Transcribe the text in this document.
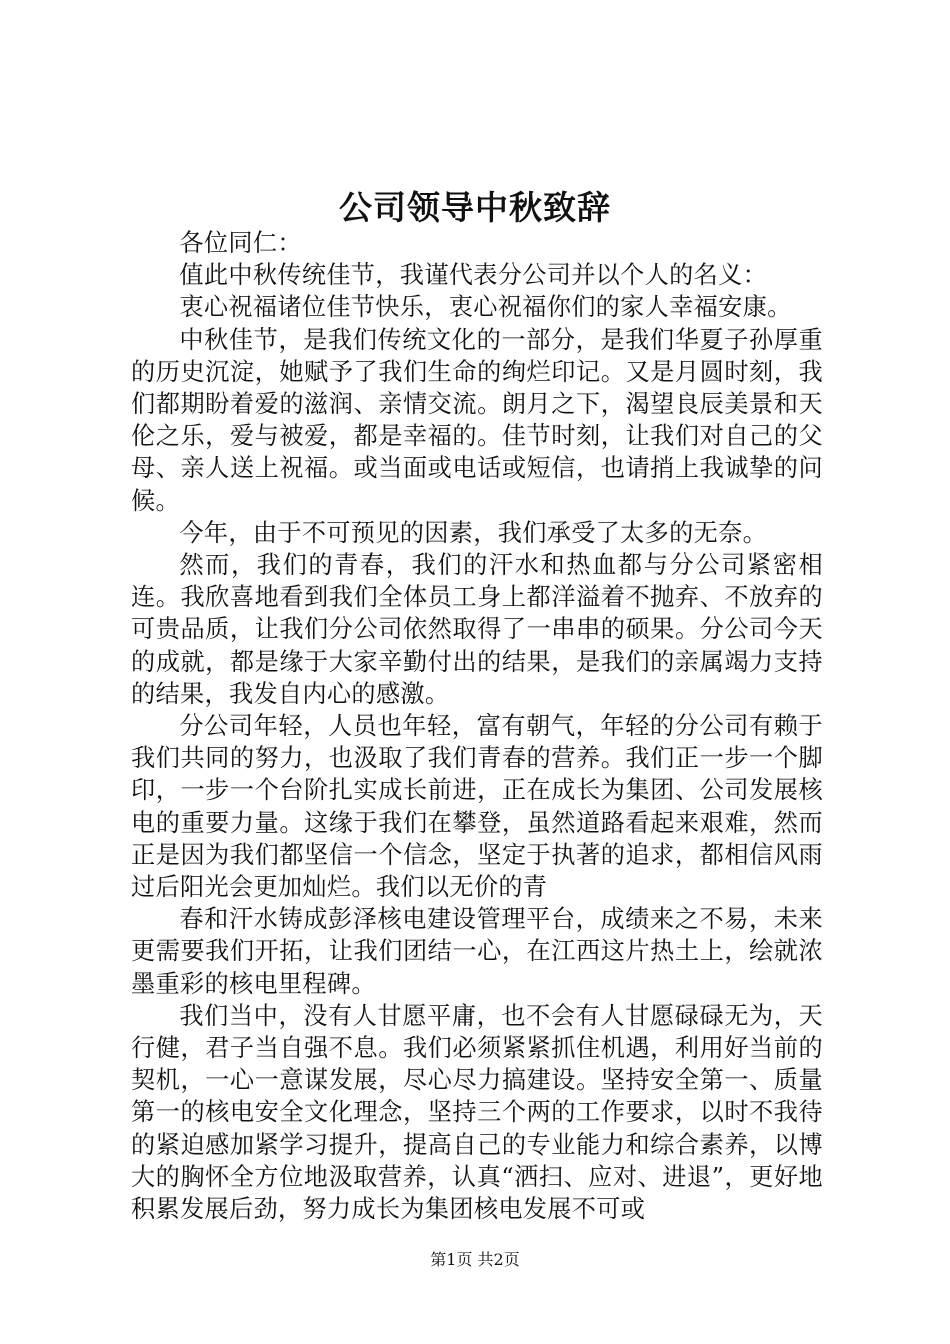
公司领导中秋致辞

各位同仁：

值此中秋传统佳节，我谨代表分公司并以个人的名义：

衷心祝福诸位佳节快乐，衷心祝福你们的家人幸福安康。

中秋佳节，是我们传统文化的一部分，是我们华夏子孙厚重的历史沉淀，她赋予了我们生命的绚烂印记。又是月圆时刻，我们都期盼着爱的滋润、亲情交流。朗月之下，渴望良辰美景和天伦之乐，爱与被爱，都是幸福的。佳节时刻，让我们对自己的父母、亲人送上祝福。或当面或电话或短信，也请捎上我诚挚的问候。

今年，由于不可预见的因素，我们承受了太多的无奈。

然而，我们的青春，我们的汗水和热血都与分公司紧密相连。我欣喜地看到我们全体员工身上都洋溢着不抛弃、不放弃的可贵品质，让我们分公司依然取得了一串串的硕果。分公司今天的成就，都是缘于大家辛勤付出的结果，是我们的亲属竭力支持的结果，我发自内心的感激。

分公司年轻，人员也年轻，富有朝气，年轻的分公司有赖于我们共同的努力，也汲取了我们青春的营养。我们正一步一个脚印，一步一个台阶扎实成长前进，正在成长为集团、公司发展核电的重要力量。这缘于我们在攀登，虽然道路看起来艰难，然而正是因为我们都坚信一个信念，坚定于执著的追求，都相信风雨过后阳光会更加灿烂。我们以无价的青

春和汗水铸成彭泽核电建设管理平台，成绩来之不易，未来更需要我们开拓，让我们团结一心，在江西这片热土上，绘就浓墨重彩的核电里程碑。

我们当中，没有人甘愿平庸，也不会有人甘愿碌碌无为，天行健，君子当自强不息。我们必须紧紧抓住机遇，利用好当前的契机，一心一意谋发展，尽心尽力搞建设。坚持安全第一、质量第一的核电安全文化理念，坚持三个两的工作要求，以时不我待的紧迫感加紧学习提升，提高自己的专业能力和综合素养，以博大的胸怀全方位地汲取营养，认真“洒扫、应对、进退”，更好地积累发展后劲，努力成长为集团核电发展不可或

第1页 共2页
